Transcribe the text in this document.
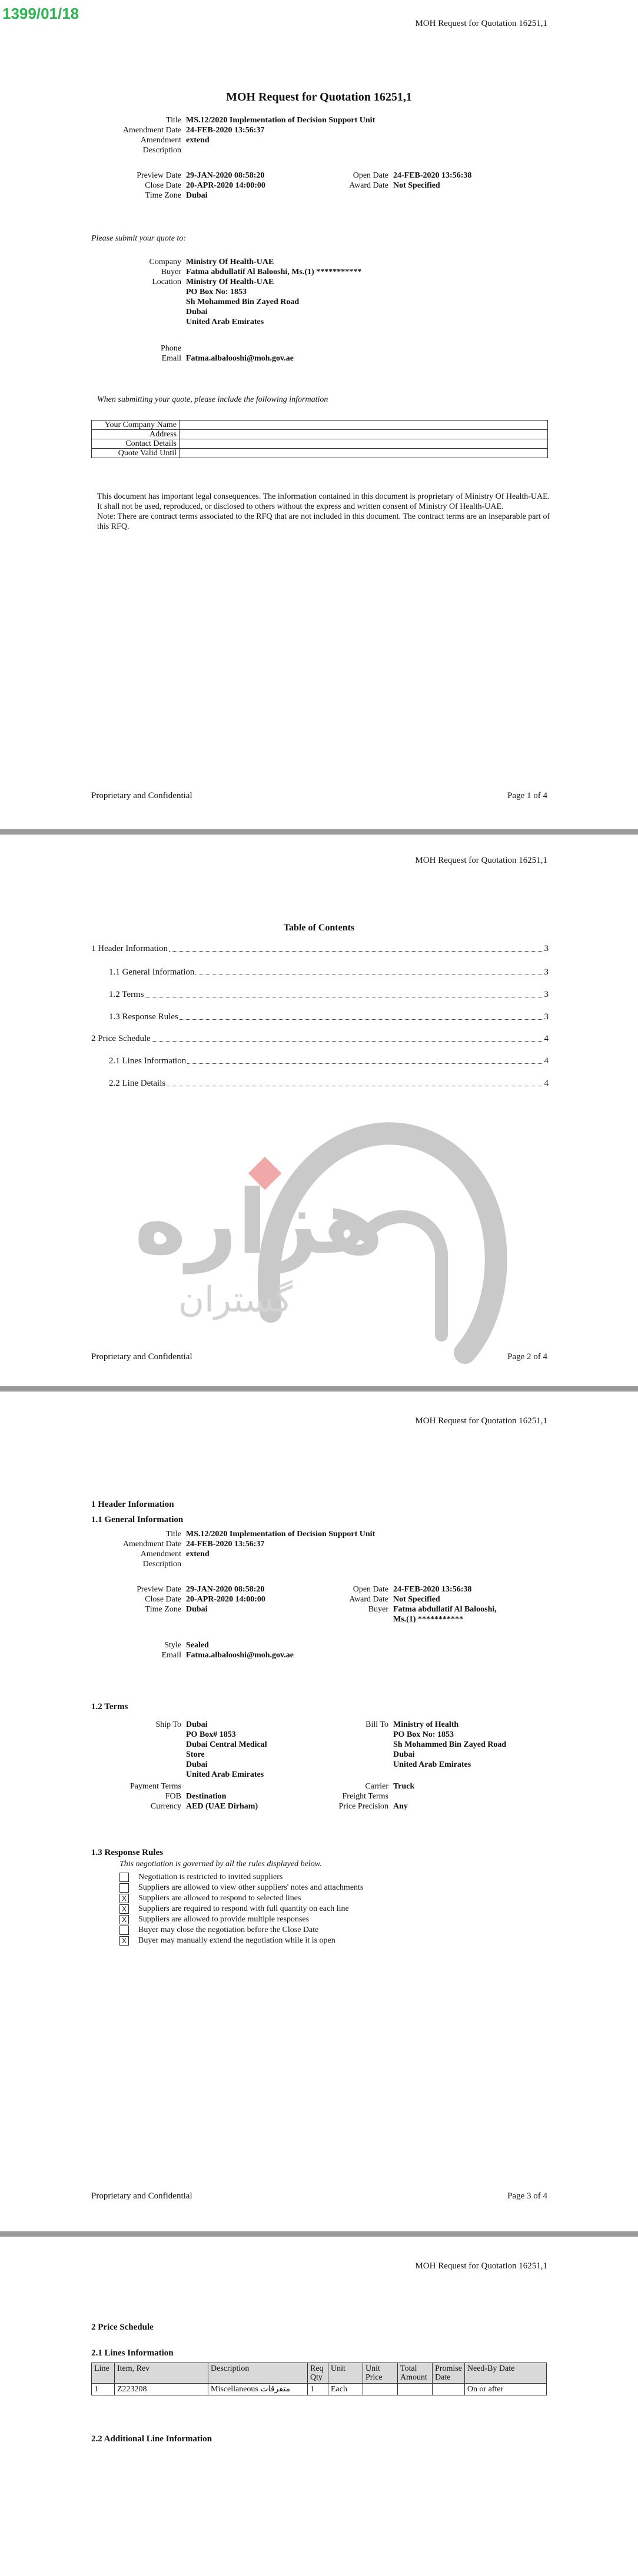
1399/01/18
MOH Request for Quotation 16251,1
MOH Request for Quotation 16251,1
Title MS.12/2020 Implementation of Decision Support Unit
Amendment Date 24-FEB-2020 13:56:37
Amendment extend
Description
Preview Date 29-JAN-2020 08:58:20
Close Date 20-APR-2020 14:00:00
Time Zone Dubai
Open Date 24-FEB-2020 13:56:38
Award Date Not Specified
Please submit your quote to:
Company Ministry Of Health-UAE
Buyer Fatma abdullatif Al Balooshi, Ms.(1) ***********
Location Ministry Of Health-UAE
PO Box No: 1853
Sh Mohammed Bin Zayed Road
Dubai
United Arab Emirates
Phone
Email Fatma.albalooshi@moh.gov.ae
When submitting your quote, please include the following information
Your Company Name	
Address	
Contact Details	
Quote Valid Until	
This document has important legal consequences. The information contained in this document is proprietary of Ministry Of Health-UAE. It shall not be used, reproduced, or disclosed to others without the express and written consent of Ministry Of Health-UAE.
Note: There are contract terms associated to the RFQ that are not included in this document. The contract terms are an inseparable part of this RFQ.
Proprietary and Confidential	Page 1 of 4
MOH Request for Quotation 16251,1
Table of Contents
1 Header Information	3
1.1 General Information	3
1.2 Terms	3
1.3 Response Rules	3
2 Price Schedule	4
2.1 Lines Information	4
2.2 Line Details	4
Proprietary and Confidential	Page 2 of 4
هزاره
گستران
MOH Request for Quotation 16251,1
1 Header Information
1.1 General Information
Title MS.12/2020 Implementation of Decision Support Unit
Amendment Date 24-FEB-2020 13:56:37
Amendment extend
Description
Preview Date 29-JAN-2020 08:58:20
Close Date 20-APR-2020 14:00:00
Time Zone Dubai
Open Date 24-FEB-2020 13:56:38
Award Date Not Specified
Buyer Fatma abdullatif Al Balooshi,
Ms.(1) ***********
Style Sealed
Email Fatma.albalooshi@moh.gov.ae
1.2 Terms
Ship To Dubai
PO Box# 1853
Dubai Central Medical
Store
Dubai
United Arab Emirates
Bill To Ministry of Health
PO Box No: 1853
Sh Mohammed Bin Zayed Road
Dubai
United Arab Emirates
Payment Terms
FOB Destination
Currency AED (UAE Dirham)
Carrier Truck
Freight Terms
Price Precision Any
1.3 Response Rules
This negotiation is governed by all the rules displayed below.
Negotiation is restricted to invited suppliers
Suppliers are allowed to view other suppliers' notes and attachments
X Suppliers are allowed to respond to selected lines
X Suppliers are required to respond with full quantity on each line
X Suppliers are allowed to provide multiple responses
Buyer may close the negotiation before the Close Date
X Buyer may manually extend the negotiation while it is open
Proprietary and Confidential	Page 3 of 4
MOH Request for Quotation 16251,1
2 Price Schedule
2.1 Lines Information
Line	Item, Rev	Description	Req Qty	Unit	Unit Price	Total Amount	Promise Date	Need-By Date
1	Z223208	Miscellaneous متفرقات	1	Each				On or after
2.2 Additional Line Information
